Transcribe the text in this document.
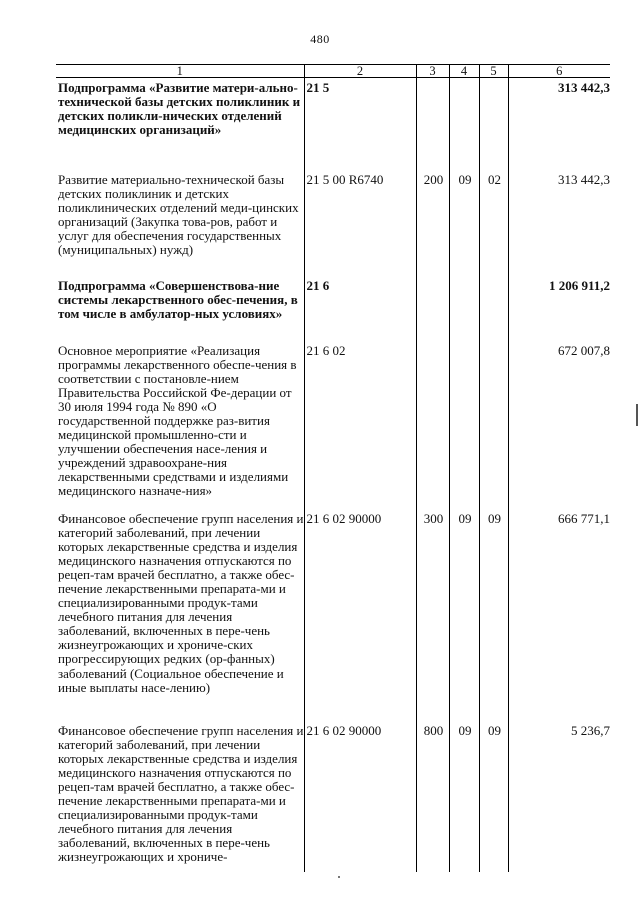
480
1	2	3	4	5	6
Подпрограмма «Развитие матери-альнo-технической базы детских поликлиник и детских поликли-нических отделений медицинских организаций»	21 5				313 442,3
Развитие материально-технической базы детских поликлиник и детских поликлинических отделений меди-цинских организаций (Закупка това-ров, работ и услуг для обеспечения государственных (муниципальных) нужд)	21 5 00 R6740	200	09	02	313 442,3
Подпрограмма «Совершенствова-ние системы лекарственного обес-печения, в том числе в амбулатор-ных условиях»	21 6				1 206 911,2
Основное мероприятие «Реализация программы лекарственного обеспе-чения в соответствии с постановле-нием Правительства Российской Фе-дерации от 30 июля 1994 года № 890 «О государственной поддержке раз-вития медицинской промышленно-сти и улучшении обеспечения насе-ления и учреждений здравоохране-ния лекарственными средствами и изделиями медицинского назначе-ния»	21 6 02				672 007,8
Финансовое обеспечение групп населения и категорий заболеваний, при лечении которых лекарственные средства и изделия медицинского назначения отпускаются по рецеп-там врачей бесплатно, а также обес-печение лекарственными препарата-ми и специализированными продук-тами лечебного питания для лечения заболеваний, включенных в пере-чень жизнеугрожающих и хрониче-ских прогрессирующих редких (ор-фанных) заболеваний (Социальное обеспечение и иные выплаты насе-лению)	21 6 02 90000	300	09	09	666 771,1
Финансовое обеспечение групп населения и категорий заболеваний, при лечении которых лекарственные средства и изделия медицинского назначения отпускаются по рецеп-там врачей бесплатно, а также обес-печение лекарственными препарата-ми и специализированными продук-тами лечебного питания для лечения заболеваний, включенных в пере-чень жизнеугрожающих и хрониче-	21 6 02 90000	800	09	09	5 236,7
